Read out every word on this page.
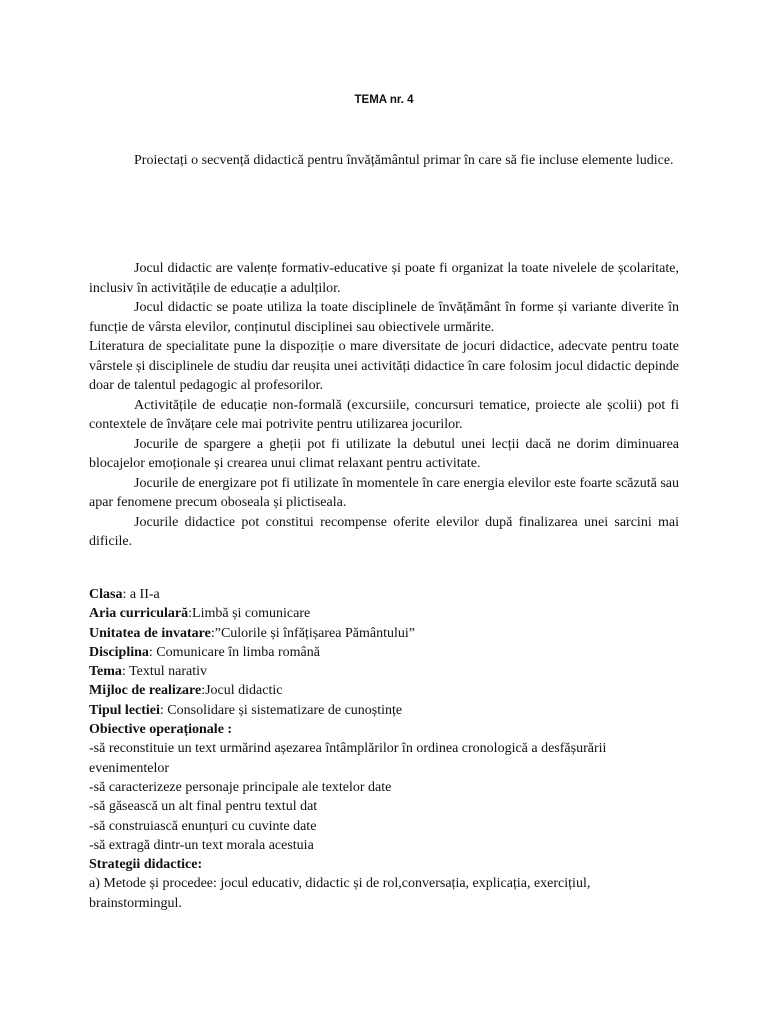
TEMA nr. 4

Proiectați o secvență didactică pentru învățământul primar în care să fie incluse elemente ludice.

Jocul didactic are valențe formativ-educative și poate fi organizat la toate nivelele de școlaritate, inclusiv în activitățile de educație a adulților.

Jocul didactic se poate utiliza la toate disciplinele de învățământ în forme și variante diverite în funcție de vârsta elevilor, conținutul disciplinei sau obiectivele urmărite.

Literatura de specialitate pune la dispoziție o mare diversitate de jocuri didactice, adecvate pentru toate vârstele și disciplinele de studiu dar reușita unei activități didactice în care folosim jocul didactic depinde doar de talentul pedagogic al profesorilor.

Activitățile de educație non-formală (excursiile, concursuri tematice, proiecte ale școlii) pot fi contextele de învățare cele mai potrivite pentru utilizarea jocurilor.

Jocurile de spargere a gheții pot fi utilizate la debutul unei lecții dacă ne dorim diminuarea blocajelor emoționale și crearea unui climat relaxant pentru activitate.

Jocurile de energizare pot fi utilizate în momentele în care energia elevilor este foarte scăzută sau apar fenomene precum oboseala și plictiseala.

Jocurile didactice pot constitui recompense oferite elevilor după finalizarea unei sarcini mai dificile.

Clasa: a II-a

Aria curriculară:Limbă și comunicare

Unitatea de invatare:”Culorile și înfățișarea Pământului”

Disciplina: Comunicare în limba română

Tema: Textul narativ

Mijloc de realizare:Jocul didactic

Tipul lectiei: Consolidare și sistematizare de cunoștințe

Obiective operaționale :

-să reconstituie un text urmărind așezarea întâmplărilor în ordinea cronologică a desfășurării evenimentelor

-să caracterizeze personaje principale ale textelor date

-să găsească un alt final pentru textul dat

-să construiască enunțuri cu cuvinte date

-să extragă dintr-un text morala acestuia

Strategii didactice:

a) Metode și procedee: jocul educativ, didactic și de rol,conversația, explicația, exercițiul, brainstormingul.
